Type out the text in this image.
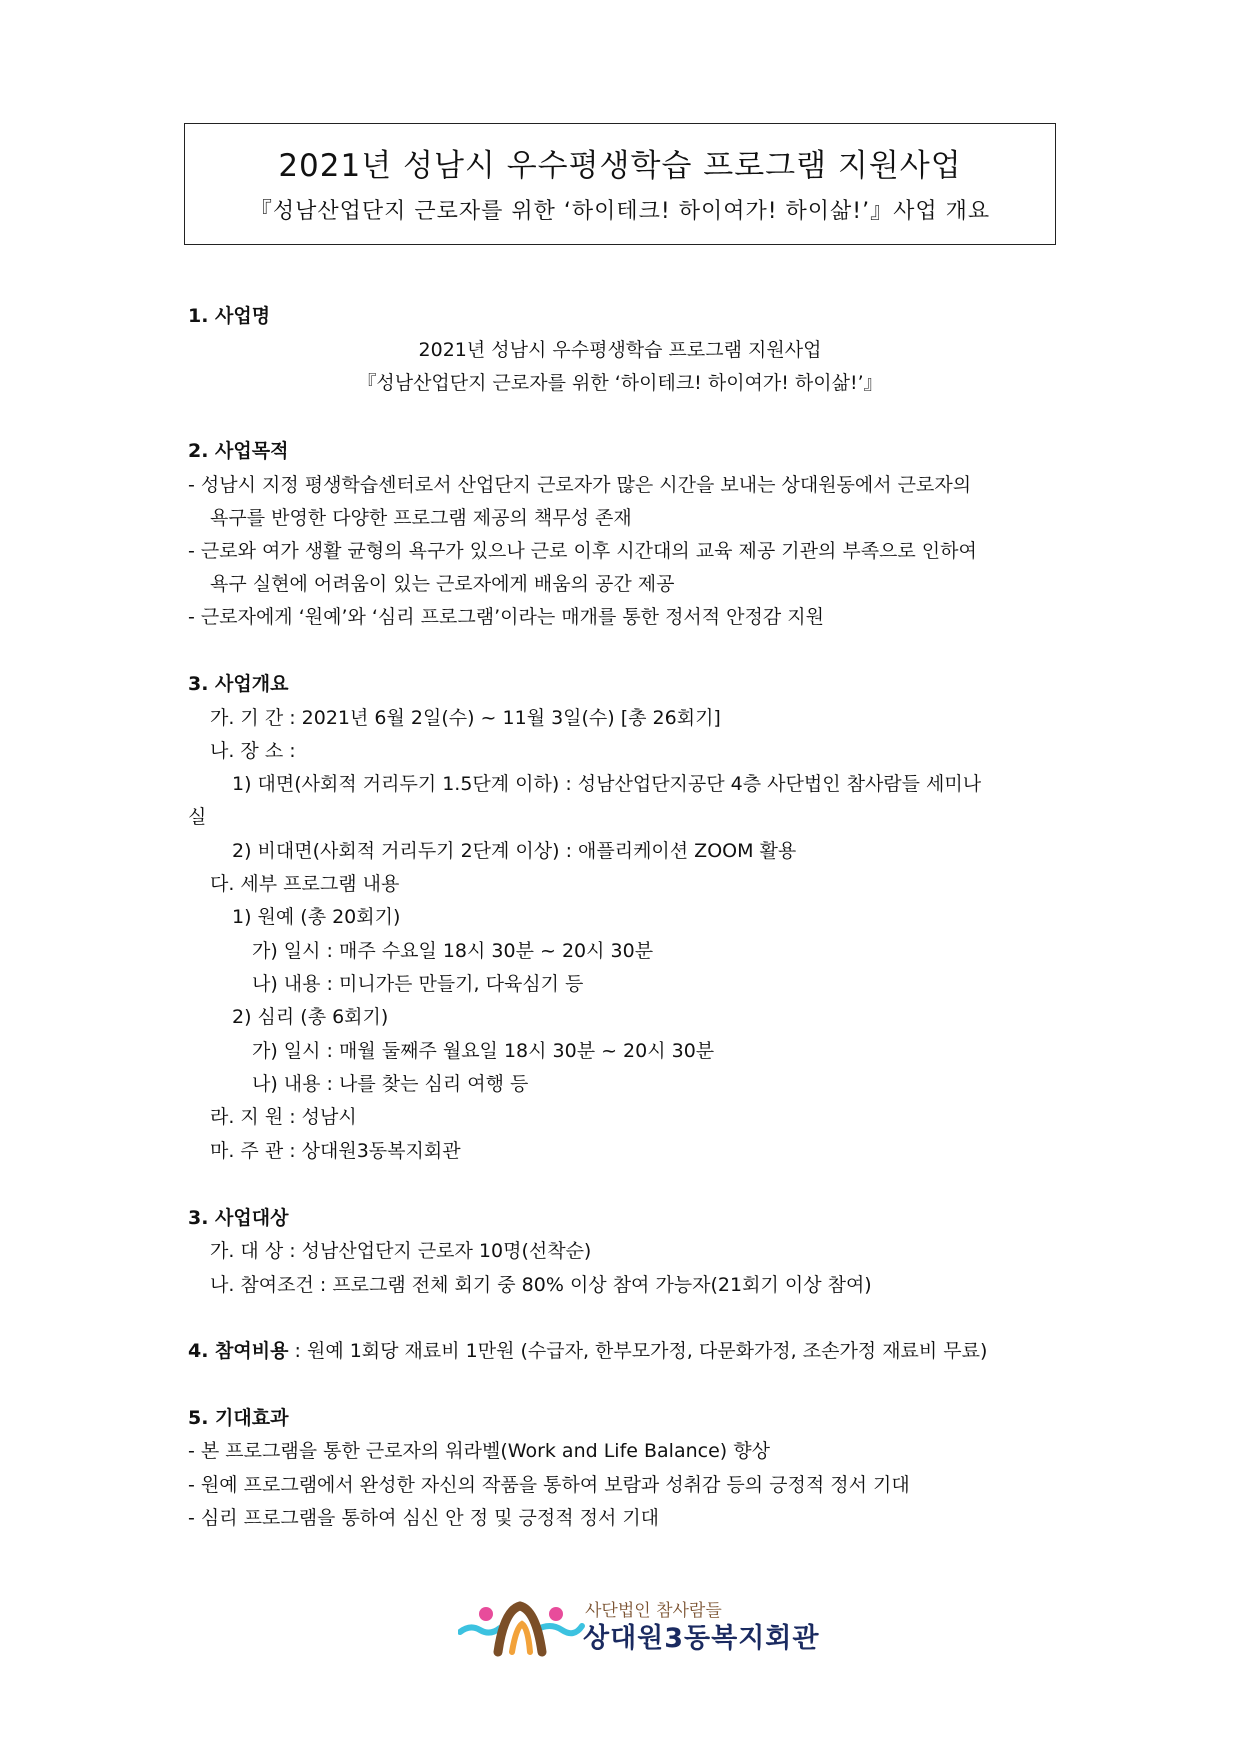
2021년 성남시 우수평생학습 프로그램 지원사업
『성남산업단지 근로자를 위한 ‘하이테크! 하이여가! 하이삶!’』사업 개요
1. 사업명
2021년 성남시 우수평생학습 프로그램 지원사업
『성남산업단지 근로자를 위한 ‘하이테크! 하이여가! 하이삶!’』
2. 사업목적
- 성남시 지정 평생학습센터로서 산업단지 근로자가 많은 시간을 보내는 상대원동에서 근로자의
욕구를 반영한 다양한 프로그램 제공의 책무성 존재
- 근로와 여가 생활 균형의 욕구가 있으나 근로 이후 시간대의 교육 제공 기관의 부족으로 인하여
욕구 실현에 어려움이 있는 근로자에게 배움의 공간 제공
- 근로자에게 ‘원예’와 ‘심리 프로그램’이라는 매개를 통한 정서적 안정감 지원
3. 사업개요
가. 기 간 : 2021년 6월 2일(수) ~ 11월 3일(수) [총 26회기]
나. 장 소 :
1) 대면(사회적 거리두기 1.5단계 이하) : 성남산업단지공단 4층 사단법인 참사람들 세미나
실
2) 비대면(사회적 거리두기 2단계 이상) : 애플리케이션 ZOOM 활용
다. 세부 프로그램 내용
1) 원예 (총 20회기)
가) 일시 : 매주 수요일 18시 30분 ~ 20시 30분
나) 내용 : 미니가든 만들기, 다육심기 등
2) 심리 (총 6회기)
가) 일시 : 매월 둘째주 월요일 18시 30분 ~ 20시 30분
나) 내용 : 나를 찾는 심리 여행 등
라. 지 원 : 성남시
마. 주 관 : 상대원3동복지회관
3. 사업대상
가. 대 상 : 성남산업단지 근로자 10명(선착순)
나. 참여조건 : 프로그램 전체 회기 중 80% 이상 참여 가능자(21회기 이상 참여)
4. 참여비용 : 원예 1회당 재료비 1만원 (수급자, 한부모가정, 다문화가정, 조손가정 재료비 무료)
5. 기대효과
- 본 프로그램을 통한 근로자의 워라벨(Work and Life Balance) 향상
- 원예 프로그램에서 완성한 자신의 작품을 통하여 보람과 성취감 등의 긍정적 정서 기대
- 심리 프로그램을 통하여 심신 안 정 및 긍정적 정서 기대
사단법인 참사람들
상대원3동복지회관
